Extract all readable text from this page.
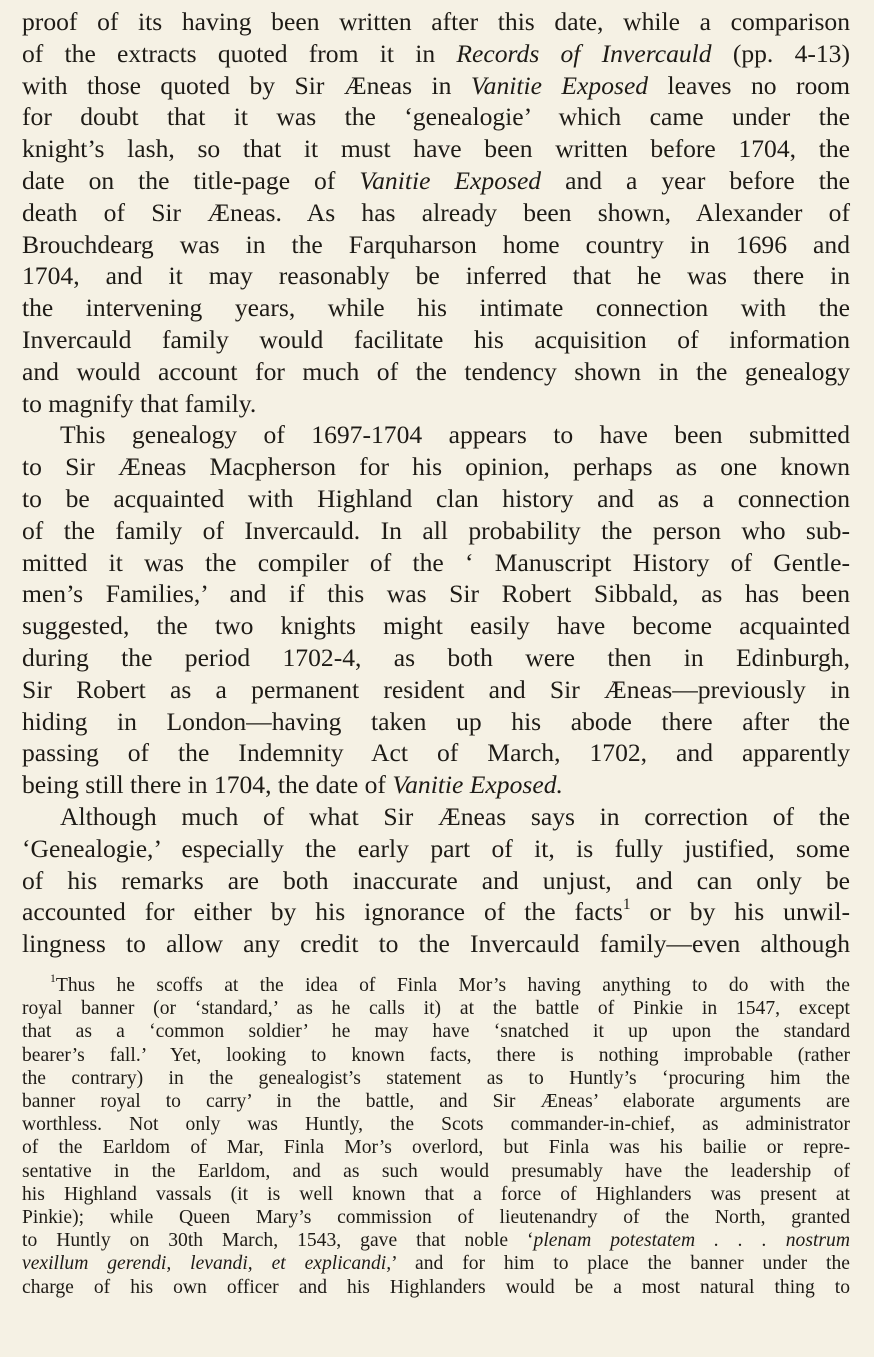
proof of its having been written after this date, while a comparison
of the extracts quoted from it in Records of Invercauld (pp. 4-13)
with those quoted by Sir Æneas in Vanitie Exposed leaves no room
for doubt that it was the ‘genealogie’ which came under the
knight’s lash, so that it must have been written before 1704, the
date on the title-page of Vanitie Exposed and a year before the
death of Sir Æneas. As has already been shown, Alexander of
Brouchdearg was in the Farquharson home country in 1696 and
1704, and it may reasonably be inferred that he was there in
the intervening years, while his intimate connection with the
Invercauld family would facilitate his acquisition of information
and would account for much of the tendency shown in the genealogy
to magnify that family.
This genealogy of 1697-1704 appears to have been submitted
to Sir Æneas Macpherson for his opinion, perhaps as one known
to be acquainted with Highland clan history and as a connection
of the family of Invercauld. In all probability the person who sub-
mitted it was the compiler of the ‘ Manuscript History of Gentle-
men’s Families,’ and if this was Sir Robert Sibbald, as has been
suggested, the two knights might easily have become acquainted
during the period 1702-4, as both were then in Edinburgh,
Sir Robert as a permanent resident and Sir Æneas—previously in
hiding in London—having taken up his abode there after the
passing of the Indemnity Act of March, 1702, and apparently
being still there in 1704, the date of Vanitie Exposed.
Although much of what Sir Æneas says in correction of the
‘Genealogie,’ especially the early part of it, is fully justified, some
of his remarks are both inaccurate and unjust, and can only be
accounted for either by his ignorance of the facts$^1$ or by his unwil-
lingness to allow any credit to the Invercauld family—even although
$^1$Thus he scoffs at the idea of Finla Mor’s having anything to do with the
royal banner (or ‘standard,’ as he calls it) at the battle of Pinkie in 1547, except
that as a ‘common soldier’ he may have ‘snatched it up upon the standard
bearer’s fall.’ Yet, looking to known facts, there is nothing improbable (rather
the contrary) in the genealogist’s statement as to Huntly’s ‘procuring him the
banner royal to carry’ in the battle, and Sir Æneas’ elaborate arguments are
worthless. Not only was Huntly, the Scots commander-in-chief, as administrator
of the Earldom of Mar, Finla Mor’s overlord, but Finla was his bailie or repre-
sentative in the Earldom, and as such would presumably have the leadership of
his Highland vassals (it is well known that a force of Highlanders was present at
Pinkie); while Queen Mary’s commission of lieutenandry of the North, granted
to Huntly on 30th March, 1543, gave that noble ‘plenam potestatem . . . nostrum
vexillum gerendi, levandi, et explicandi,’ and for him to place the banner under the
charge of his own officer and his Highlanders would be a most natural thing to
